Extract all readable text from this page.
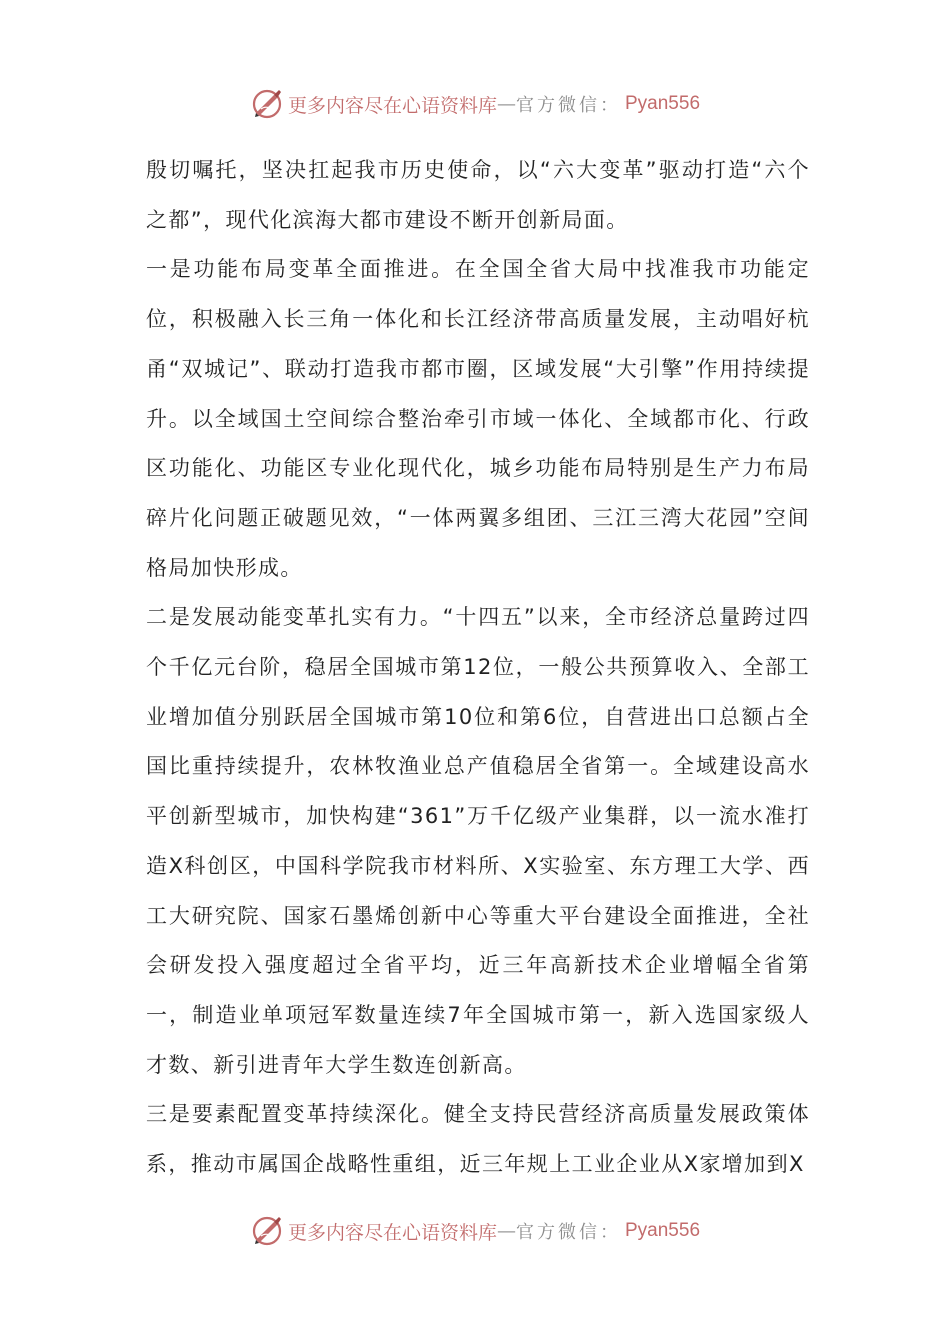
更多内容尽在心语资料库 — 官方微信： Pyan556

殷切嘱托，坚决扛起我市历史使命，以“六大变革”驱动打造“六个之都”，现代化滨海大都市建设不断开创新局面。

一是功能布局变革全面推进。在全国全省大局中找准我市功能定位，积极融入长三角一体化和长江经济带高质量发展，主动唱好杭甬“双城记”、联动打造我市都市圈，区域发展“大引擎”作用持续提升。以全域国土空间综合整治牵引市域一体化、全域都市化、行政区功能化、功能区专业化现代化，城乡功能布局特别是生产力布局碎片化问题正破题见效，“一体两翼多组团、三江三湾大花园”空间格局加快形成。

二是发展动能变革扎实有力。“十四五”以来，全市经济总量跨过四个千亿元台阶，稳居全国城市第12位，一般公共预算收入、全部工业增加值分别跃居全国城市第10位和第6位，自营进出口总额占全国比重持续提升，农林牧渔业总产值稳居全省第一。全域建设高水平创新型城市，加快构建“361”万千亿级产业集群，以一流水准打造X科创区，中国科学院我市材料所、X实验室、东方理工大学、西工大研究院、国家石墨烯创新中心等重大平台建设全面推进，全社会研发投入强度超过全省平均，近三年高新技术企业增幅全省第一，制造业单项冠军数量连续7年全国城市第一，新入选国家级人才数、新引进青年大学生数连创新高。

三是要素配置变革持续深化。健全支持民营经济高质量发展政策体系，推动市属国企战略性重组，近三年规上工业企业从X家增加到X

更多内容尽在心语资料库 — 官方微信： Pyan556
